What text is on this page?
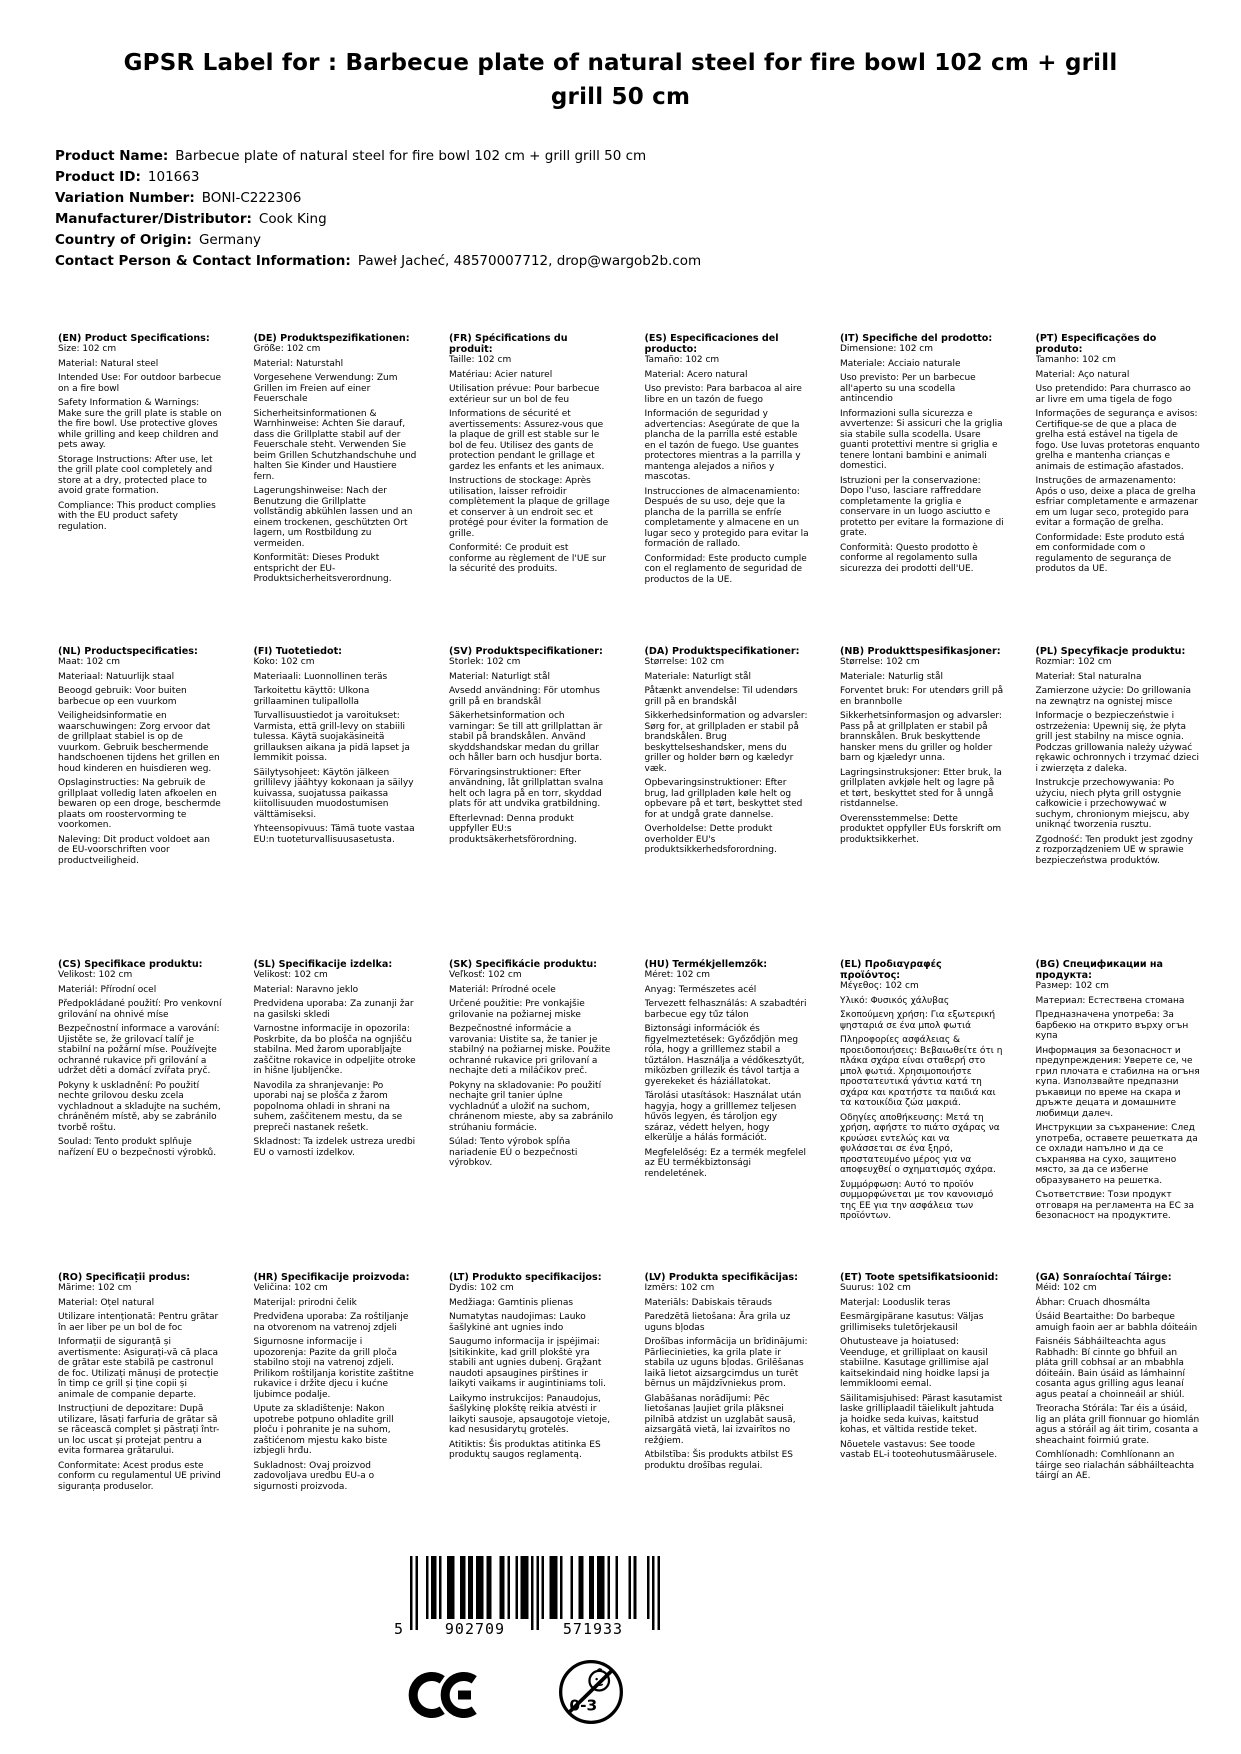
GPSR Label for : Barbecue plate of natural steel for fire bowl 102 cm + grill grill 50 cm
Product Name: Barbecue plate of natural steel for fire bowl 102 cm + grill grill 50 cm
Product ID: 101663
Variation Number: BONI-C222306
Manufacturer/Distributor: Cook King
Country of Origin: Germany
Contact Person & Contact Information: Paweł Jacheć, 48570007712, drop@wargob2b.com
(EN) Product Specifications:

Size: 102 cm

Material: Natural steel

Intended Use: For outdoor barbecue on a fire bowl

Safety Information & Warnings: Make sure the grill plate is stable on the fire bowl. Use protective gloves while grilling and keep children and pets away.

Storage Instructions: After use, let the grill plate cool completely and store at a dry, protected place to avoid grate formation.

Compliance: This product complies with the EU product safety regulation.

(DE) Produktspezifikationen:

Größe: 102 cm

Material: Naturstahl

Vorgesehene Verwendung: Zum Grillen im Freien auf einer Feuerschale

Sicherheitsinformationen & Warnhinweise: Achten Sie darauf, dass die Grillplatte stabil auf der Feuerschale steht. Verwenden Sie beim Grillen Schutzhandschuhe und halten Sie Kinder und Haustiere fern.

Lagerungshinweise: Nach der Benutzung die Grillplatte vollständig abkühlen lassen und an einem trockenen, geschützten Ort lagern, um Rostbildung zu vermeiden.

Konformität: Dieses Produkt entspricht der EU-Produktsicherheitsverordnung.

(FR) Spécifications du produit:

Taille: 102 cm

Matériau: Acier naturel

Utilisation prévue: Pour barbecue extérieur sur un bol de feu

Informations de sécurité et avertissements: Assurez-vous que la plaque de grill est stable sur le bol de feu. Utilisez des gants de protection pendant le grillage et gardez les enfants et les animaux.

Instructions de stockage: Après utilisation, laisser refroidir complètement la plaque de grillage et conserver à un endroit sec et protégé pour éviter la formation de grille.

Conformité: Ce produit est conforme au règlement de l'UE sur la sécurité des produits.

(ES) Especificaciones del producto:

Tamaño: 102 cm

Material: Acero natural

Uso previsto: Para barbacoa al aire libre en un tazón de fuego

Información de seguridad y advertencias: Asegúrate de que la plancha de la parrilla esté estable en el tazón de fuego. Use guantes protectores mientras a la parrilla y mantenga alejados a niños y mascotas.

Instrucciones de almacenamiento: Después de su uso, deje que la plancha de la parrilla se enfríe completamente y almacene en un lugar seco y protegido para evitar la formación de rallado.

Conformidad: Este producto cumple con el reglamento de seguridad de productos de la UE.

(IT) Specifiche del prodotto:

Dimensione: 102 cm

Materiale: Acciaio naturale

Uso previsto: Per un barbecue all'aperto su una scodella antincendio

Informazioni sulla sicurezza e avvertenze: Si assicuri che la griglia sia stabile sulla scodella. Usare guanti protettivi mentre si griglia e tenere lontani bambini e animali domestici.

Istruzioni per la conservazione: Dopo l'uso, lasciare raffreddare completamente la griglia e conservare in un luogo asciutto e protetto per evitare la formazione di grate.

Conformità: Questo prodotto è conforme al regolamento sulla sicurezza dei prodotti dell'UE.

(PT) Especificações do produto:

Tamanho: 102 cm

Material: Aço natural

Uso pretendido: Para churrasco ao ar livre em uma tigela de fogo

Informações de segurança e avisos: Certifique-se de que a placa de grelha está estável na tigela de fogo. Use luvas protetoras enquanto grelha e mantenha crianças e animais de estimação afastados.

Instruções de armazenamento: Após o uso, deixe a placa de grelha esfriar completamente e armazenar em um lugar seco, protegido para evitar a formação de grelha.

Conformidade: Este produto está em conformidade com o regulamento de segurança de produtos da UE.

(NL) Productspecificaties:

Maat: 102 cm

Materiaal: Natuurlijk staal

Beoogd gebruik: Voor buiten barbecue op een vuurkom

Veiligheidsinformatie en waarschuwingen: Zorg ervoor dat de grillplaat stabiel is op de vuurkom. Gebruik beschermende handschoenen tijdens het grillen en houd kinderen en huisdieren weg.

Opslaginstructies: Na gebruik de grillplaat volledig laten afkoelen en bewaren op een droge, beschermde plaats om roostervorming te voorkomen.

Naleving: Dit product voldoet aan de EU-voorschriften voor productveiligheid.

(FI) Tuotetiedot:

Koko: 102 cm

Materiaali: Luonnollinen teräs

Tarkoitettu käyttö: Ulkona grillaaminen tulipallolla

Turvallisuustiedot ja varoitukset: Varmista, että grill-levy on stabiili tulessa. Käytä suojakäsineitä grillauksen aikana ja pidä lapset ja lemmikit poissa.

Säilytysohjeet: Käytön jälkeen grillilevy jäähtyy kokonaan ja säilyy kuivassa, suojatussa paikassa kiitollisuuden muodostumisen välttämiseksi.

Yhteensopivuus: Tämä tuote vastaa EU:n tuoteturvallisuusasetusta.

(SV) Produktspecifikationer:

Storlek: 102 cm

Material: Naturligt stål

Avsedd användning: För utomhus grill på en brandskål

Säkerhetsinformation och varningar: Se till att grillplattan är stabil på brandskålen. Använd skyddshandskar medan du grillar och håller barn och husdjur borta.

Förvaringsinstruktioner: Efter användning, låt grillplattan svalna helt och lagra på en torr, skyddad plats för att undvika gratbildning.

Efterlevnad: Denna produkt uppfyller EU:s produktsäkerhetsförordning.

(DA) Produktspecifikationer:

Størrelse: 102 cm

Materiale: Naturligt stål

Påtænkt anvendelse: Til udendørs grill på en brandskål

Sikkerhedsinformation og advarsler: Sørg for, at grillpladen er stabil på brandskålen. Brug beskyttelseshandsker, mens du griller og holder børn og kæledyr væk.

Opbevaringsinstruktioner: Efter brug, lad grillpladen køle helt og opbevare på et tørt, beskyttet sted for at undgå grate dannelse.

Overholdelse: Dette produkt overholder EU's produktsikkerhedsforordning.

(NB) Produkttspesifikasjoner:

Størrelse: 102 cm

Materiale: Naturlig stål

Forventet bruk: For utendørs grill på en brannbolle

Sikkerhetsinformasjon og advarsler: Pass på at grillplaten er stabil på brannskålen. Bruk beskyttende hansker mens du griller og holder barn og kjæledyr unna.

Lagringsinstruksjoner: Etter bruk, la grillplaten avkjøle helt og lagre på et tørt, beskyttet sted for å unngå ristdannelse.

Overensstemmelse: Dette produktet oppfyller EUs forskrift om produktsikkerhet.

(PL) Specyfikacje produktu:

Rozmiar: 102 cm

Materiał: Stal naturalna

Zamierzone użycie: Do grillowania na zewnątrz na ognistej misce

Informacje o bezpieczeństwie i ostrzeżenia: Upewnij się, że płyta grill jest stabilny na misce ognia. Podczas grillowania należy używać rękawic ochronnych i trzymać dzieci i zwierzęta z daleka.

Instrukcje przechowywania: Po użyciu, niech płyta grill ostygnie całkowicie i przechowywać w suchym, chronionym miejscu, aby uniknąć tworzenia rusztu.

Zgodność: Ten produkt jest zgodny z rozporządzeniem UE w sprawie bezpieczeństwa produktów.

(CS) Specifikace produktu:

Velikost: 102 cm

Materiál: Přírodní ocel

Předpokládané použití: Pro venkovní grilování na ohnivé míse

Bezpečnostní informace a varování: Ujistěte se, že grilovací talíř je stabilní na požární míse. Používejte ochranné rukavice při grilování a udržet děti a domácí zvířata pryč.

Pokyny k uskladnění: Po použití nechte grilovou desku zcela vychladnout a skladujte na suchém, chráněném místě, aby se zabránilo tvorbě roštu.

Soulad: Tento produkt splňuje nařízení EU o bezpečnosti výrobků.

(SL) Specifikacije izdelka:

Velikost: 102 cm

Material: Naravno jeklo

Predvidena uporaba: Za zunanji žar na gasilski skledi

Varnostne informacije in opozorila: Poskrbite, da bo plošča na ognjišču stabilna. Med žarom uporabljajte zaščitne rokavice in odpeljite otroke in hišne ljubljenčke.

Navodila za shranjevanje: Po uporabi naj se plošča z žarom popolnoma ohladi in shrani na suhem, zaščitenem mestu, da se prepreči nastanek rešetk.

Skladnost: Ta izdelek ustreza uredbi EU o varnosti izdelkov.

(SK) Špecifikácie produktu:

Veľkosť: 102 cm

Materiál: Prírodné ocele

Určené použitie: Pre vonkajšie grilovanie na požiarnej miske

Bezpečnostné informácie a varovania: Uistite sa, že tanier je stabilný na požiarnej miske. Použite ochranné rukavice pri grilovaní a nechajte deti a miláčikov preč.

Pokyny na skladovanie: Po použití nechajte gril tanier úplne vychladnúť a uložiť na suchom, chránenom mieste, aby sa zabránilo strúhaniu formácie.

Súlad: Tento výrobok spĺňa nariadenie EÚ o bezpečnosti výrobkov.

(HU) Termékjellemzők:

Méret: 102 cm

Anyag: Természetes acél

Tervezett felhasználás: A szabadtéri barbecue egy tűz tálon

Biztonsági információk és figyelmeztetések: Győződjön meg róla, hogy a grilllemez stabil a tűztálon. Használja a védőkesztyűt, miközben grillezik és távol tartja a gyerekeket és háziállatokat.

Tárolási utasítások: Használat után hagyja, hogy a grilllemez teljesen hűvös legyen, és tároljon egy száraz, védett helyen, hogy elkerülje a hálás formációt.

Megfelelőség: Ez a termék megfelel az EU termékbiztonsági rendeletének.

(EL) Προδιαγραφές προϊόντος:

Μέγεθος: 102 cm

Υλικό: Φυσικός χάλυβας

Σκοπούμενη χρήση: Για εξωτερική ψησταριά σε ένα μπολ φωτιά

Πληροφορίες ασφάλειας & προειδοποιήσεις: Βεβαιωθείτε ότι η πλάκα σχάρα είναι σταθερή στο μπολ φωτιά. Χρησιμοποιήστε προστατευτικά γάντια κατά τη σχάρα και κρατήστε τα παιδιά και τα κατοικίδια ζώα μακριά.

Οδηγίες αποθήκευσης: Μετά τη χρήση, αφήστε το πιάτο σχάρας να κρυώσει εντελώς και να φυλάσσεται σε ένα ξηρό, προστατευμένο μέρος για να αποφευχθεί ο σχηματισμός σχάρα.

Συμμόρφωση: Αυτό το προϊόν συμμορφώνεται με τον κανονισμό της ΕΕ για την ασφάλεια των προϊόντων.

(BG) Спецификации на продукта:

Размер: 102 cm

Материал: Естествена стомана

Предназначена употреба: За барбекю на открито върху огън купа

Информация за безопасност и предупреждения: Уверете се, че грил плочата е стабилна на огъня купа. Използвайте предпазни ръкавици по време на скара и дръжте децата и домашните любимци далеч.

Инструкции за съхранение: След употреба, оставете решетката да се охлади напълно и да се съхранява на сухо, защитено място, за да се избегне образуването на решетка.

Съответствие: Този продукт отговаря на регламента на ЕС за безопасност на продуктите.

(RO) Specificații produs:

Mărime: 102 cm

Material: Oțel natural

Utilizare intenționată: Pentru grătar în aer liber pe un bol de foc

Informații de siguranță și avertismente: Asigurați-vă că placa de grătar este stabilă pe castronul de foc. Utilizați mănuși de protecție în timp ce grill și ține copii și animale de companie departe.

Instrucțiuni de depozitare: După utilizare, lăsați farfuria de grătar să se răcească complet și păstrați într-un loc uscat și protejat pentru a evita formarea grătarului.

Conformitate: Acest produs este conform cu regulamentul UE privind siguranța produselor.

(HR) Specifikacije proizvoda:

Veličina: 102 cm

Materijal: prirodni čelik

Predviđena uporaba: Za roštiljanje na otvorenom na vatrenoj zdjeli

Sigurnosne informacije i upozorenja: Pazite da grill ploča stabilno stoji na vatrenoj zdjeli. Prilikom roštiljanja koristite zaštitne rukavice i držite djecu i kućne ljubimce podalje.

Upute za skladištenje: Nakon upotrebe potpuno ohladite grill ploču i pohranite je na suhom, zaštićenom mjestu kako biste izbjegli hrđu.

Sukladnost: Ovaj proizvod zadovoljava uredbu EU-a o sigurnosti proizvoda.

(LT) Produkto specifikacijos:

Dydis: 102 cm

Medžiaga: Gamtinis plienas

Numatytas naudojimas: Lauko šašlykinė ant ugnies indo

Saugumo informacija ir įspėjimai: Įsitikinkite, kad grill plokštė yra stabili ant ugnies dubenį. Grąžant naudoti apsaugines pirštines ir laikyti vaikams ir augintiniams toli.

Laikymo instrukcijos: Panaudojus, šašlykinę plokštę reikia atvėsti ir laikyti sausoje, apsaugotoje vietoje, kad nesusidarytų grotelės.

Atitiktis: Šis produktas atitinka ES produktų saugos reglamentą.

(LV) Produkta specifikācijas:

Izmērs: 102 cm

Materiāls: Dabiskais tērauds

Paredzētā lietošana: Āra grila uz uguns bļodas

Drošības informācija un brīdinājumi: Pārliecinieties, ka grila plate ir stabila uz uguns bļodas. Grilēšanas laikā lietot aizsargcimdus un turēt bērnus un mājdzīvniekus prom.

Glabāšanas norādījumi: Pēc lietošanas ļaujiet grila plāksnei pilnībā atdzist un uzglabāt sausā, aizsargātā vietā, lai izvairītos no režģiem.

Atbilstība: Šis produkts atbilst ES produktu drošības regulai.

(ET) Toote spetsifikatsioonid:

Suurus: 102 cm

Materjal: Looduslik teras

Eesmärgipärane kasutus: Väljas grillimiseks tuletõrjekausil

Ohutusteave ja hoiatused: Veenduge, et grilliplaat on kausil stabiilne. Kasutage grillimise ajal kaitsekindaid ning hoidke lapsi ja lemmikloomi eemal.

Säilitamisjuhised: Pärast kasutamist laske grilliplaadil täielikult jahtuda ja hoidke seda kuivas, kaitstud kohas, et vältida restide teket.

Nõuetele vastavus: See toode vastab EL-i tooteohutusmäärusele.

(GA) Sonraíochtaí Táirge:

Méid: 102 cm

Ábhar: Cruach dhosmálta

Úsáid Beartaithe: Do barbeque amuigh faoin aer ar babhla dóiteáin

Faisnéis Sábháilteachta agus Rabhadh: Bí cinnte go bhfuil an pláta grill cobhsaí ar an mbabhla dóiteáin. Bain úsáid as lámhainní cosanta agus grilling agus leanaí agus peataí a choinneáil ar shiúl.

Treoracha Stórála: Tar éis a úsáid, lig an pláta grill fionnuar go hiomlán agus a stóráil ag áit tirim, cosanta a sheachaint foirmiú grate.

Comhlíonadh: Comhlíonann an táirge seo rialachán sábháilteachta táirgí an AE.

5	902709	571933
0-3
